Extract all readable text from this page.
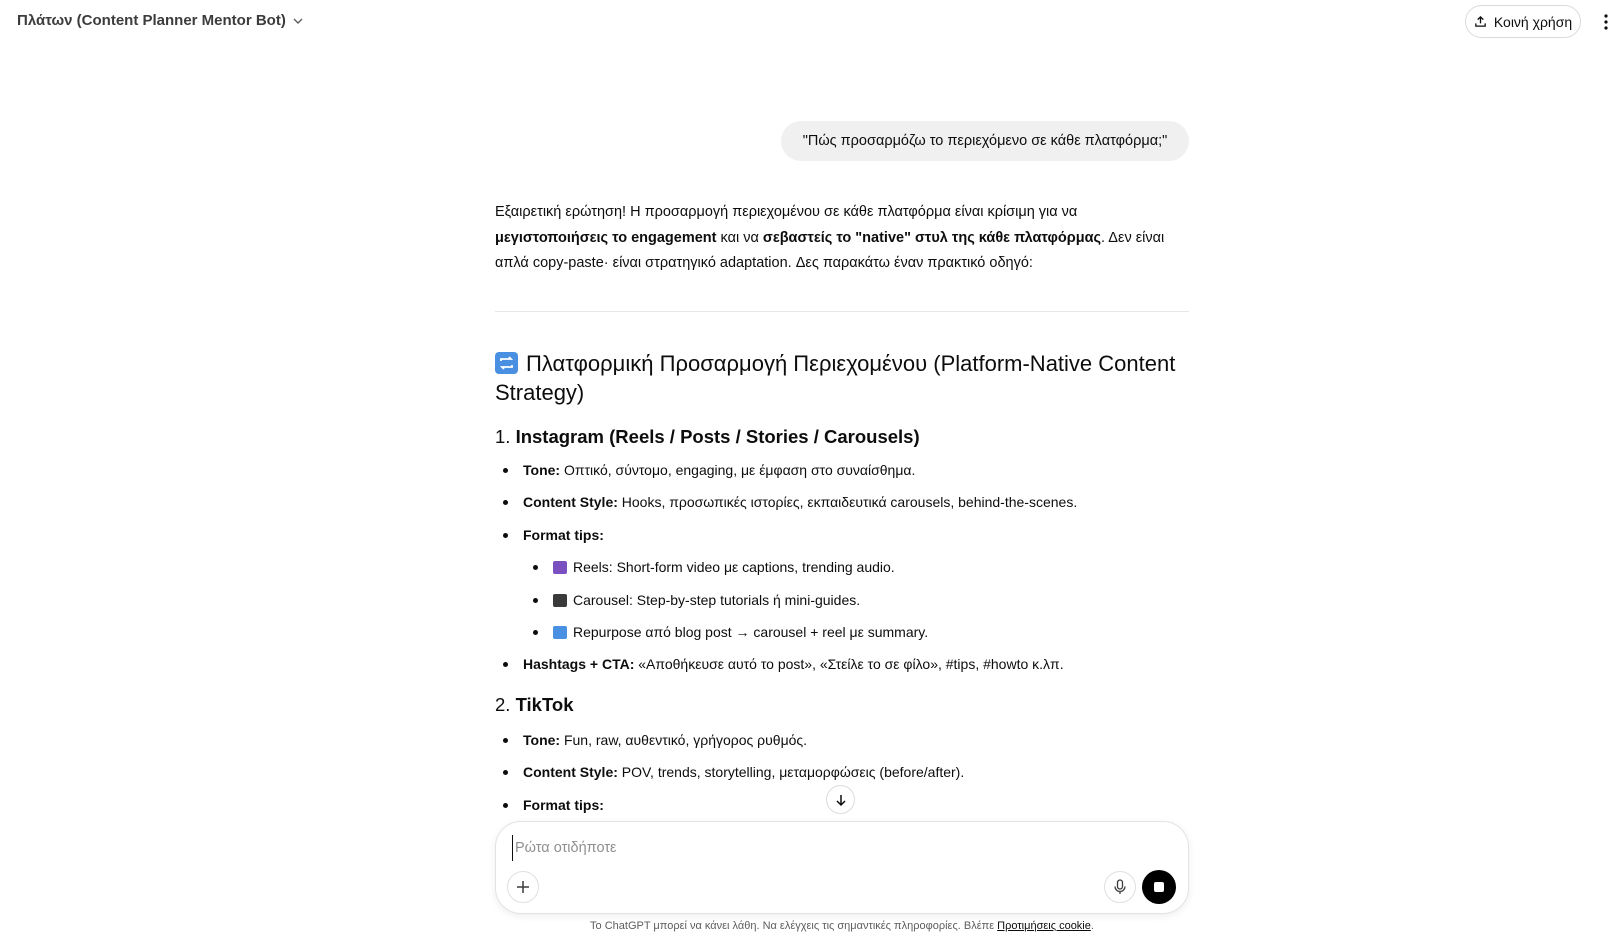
Πλάτων (Content Planner Mentor Bot)	Κοινή χρήση
"Πώς προσαρμόζω το περιεχόμενο σε κάθε πλατφόρμα;"
Εξαιρετική ερώτηση! Η προσαρμογή περιεχομένου σε κάθε πλατφόρμα είναι κρίσιμη για να μεγιστοποιήσεις το engagement και να σεβαστείς το "native" στυλ της κάθε πλατφόρμας. Δεν είναι απλά copy-paste· είναι στρατηγικό adaptation. Δες παρακάτω έναν πρακτικό οδηγό:
Πλατφορμική Προσαρμογή Περιεχομένου (Platform-Native Content Strategy)
1. Instagram (Reels / Posts / Stories / Carousels)
Tone: Οπτικό, σύντομο, engaging, με έμφαση στο συναίσθημα.
Content Style: Hooks, προσωπικές ιστορίες, εκπαιδευτικά carousels, behind-the-scenes.
Format tips:
Reels: Short-form video με captions, trending audio.
Carousel: Step-by-step tutorials ή mini-guides.
Repurpose από blog post → carousel + reel με summary.
Hashtags + CTA: «Αποθήκευσε αυτό το post», «Στείλε το σε φίλο», #tips, #howto κ.λπ.
2. TikTok
Tone: Fun, raw, αυθεντικό, γρήγορος ρυθμός.
Content Style: POV, trends, storytelling, μεταμορφώσεις (before/after).
Format tips:
Ρώτα οτιδήποτε
Το ChatGPT μπορεί να κάνει λάθη. Να ελέγχεις τις σημαντικές πληροφορίες. Βλέπε Προτιμήσεις cookie.
